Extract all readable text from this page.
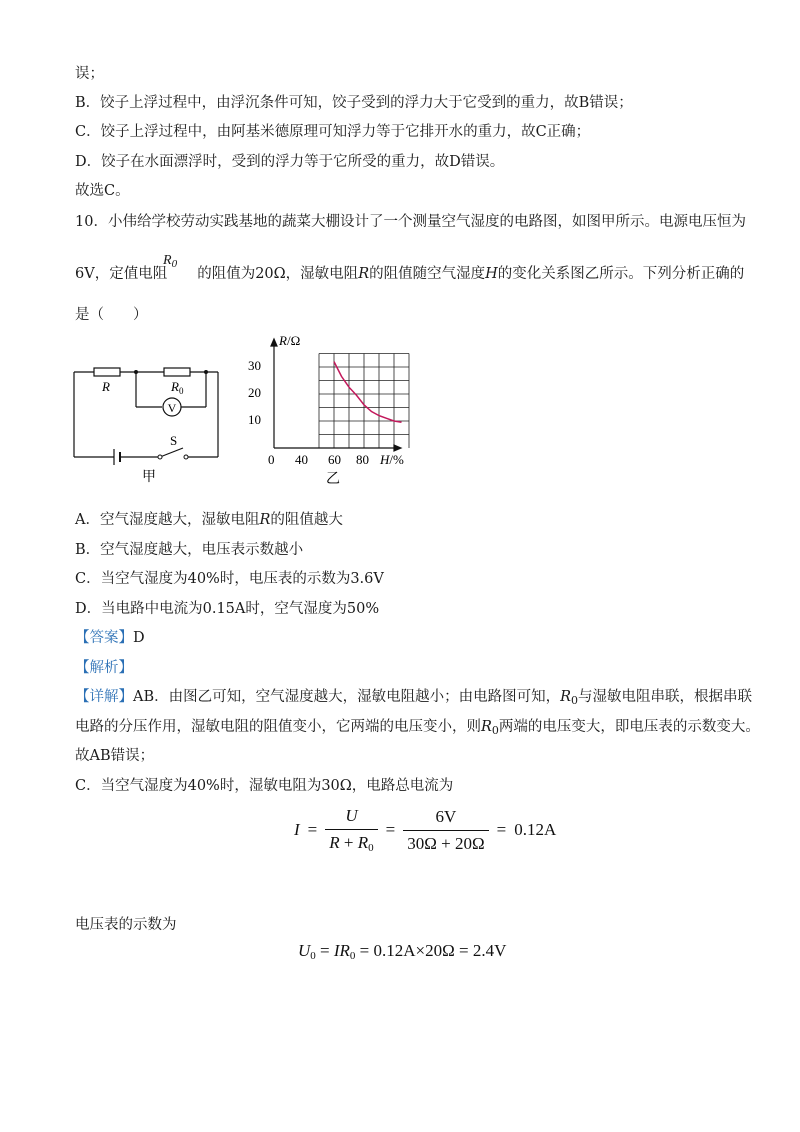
误；
B．饺子上浮过程中，由浮沉条件可知，饺子受到的浮力大于它受到的重力，故B错误；
C．饺子上浮过程中，由阿基米德原理可知浮力等于它排开水的重力，故C正确；
D．饺子在水面漂浮时，受到的浮力等于它所受的重力，故D错误。
故选C。
10．小伟给学校劳动实践基地的蔬菜大棚设计了一个测量空气湿度的电路图，如图甲所示。电源电压恒为
6V，定值电阻 的阻值为20Ω，湿敏电阻R的阻值随空气湿度H的变化关系图乙所示。下列分析正确的
$R_0$
是（　　）
R	$R_0$
V
S
甲
R/Ω
30
20
10
0 40 60 80 H/%
乙
A．空气湿度越大，湿敏电阻R的阻值越大
B．空气湿度越大，电压表示数越小
C．当空气湿度为40%时，电压表的示数为3.6V
D．当电路中电流为0.15A时，空气湿度为50%
【答案】D
【解析】
【详解】AB．由图乙可知，空气湿度越大，湿敏电阻越小；由电路图可知，$R_0$与湿敏电阻串联，根据串联
电路的分压作用，湿敏电阻的阻值变小，它两端的电压变小，则$R_0$两端的电压变大，即电压表的示数变大。
故AB错误；
C．当空气湿度为40%时，湿敏电阻为30Ω，电路总电流为
$I = \frac{U}{R + R_0} = \frac{6V}{30\Omega + 20\Omega} = 0.12A$
电压表的示数为
$U_0 = IR_0 = 0.12A\times 20\Omega = 2.4V$
